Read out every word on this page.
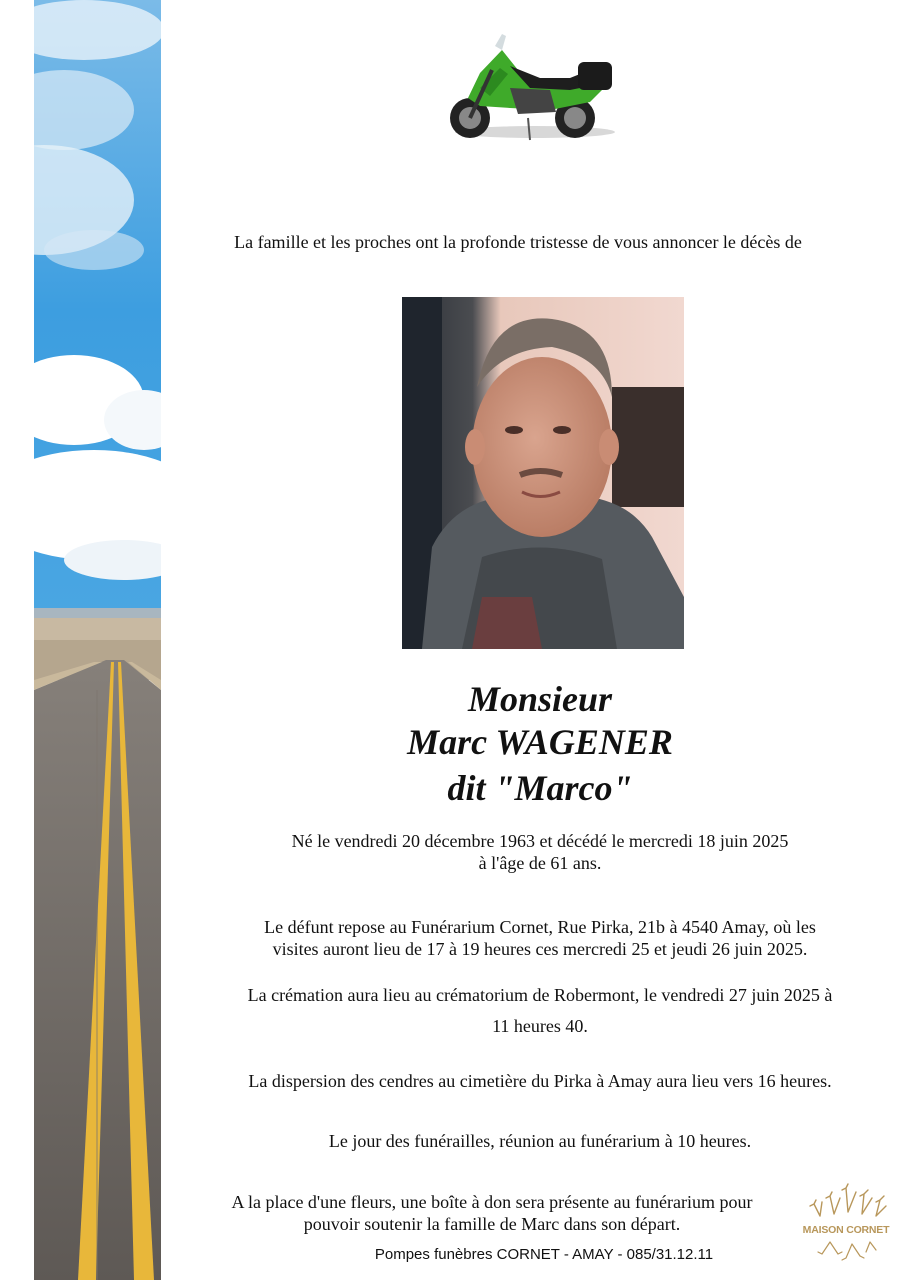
La famille et les proches ont la profonde tristesse de vous annoncer le décès de
Monsieur
Marc WAGENER
dit "Marco"
Né le vendredi 20 décembre 1963 et décédé le mercredi 18 juin 2025
à l'âge de 61 ans.
Le défunt repose au Funérarium Cornet, Rue Pirka, 21b à 4540 Amay, où les
visites auront lieu de 17 à 19 heures ces mercredi 25 et jeudi 26 juin 2025.
La crémation aura lieu au crématorium de Robermont, le vendredi 27 juin 2025 à
11 heures 40.
La dispersion des cendres au cimetière du Pirka à Amay aura lieu vers 16 heures.
Le jour des funérailles, réunion au funérarium à 10 heures.
A la place d'une fleurs, une boîte à don sera présente au funérarium pour
pouvoir soutenir la famille de Marc dans son départ.
Pompes funèbres CORNET - AMAY - 085/31.12.11
MAISON CORNET
